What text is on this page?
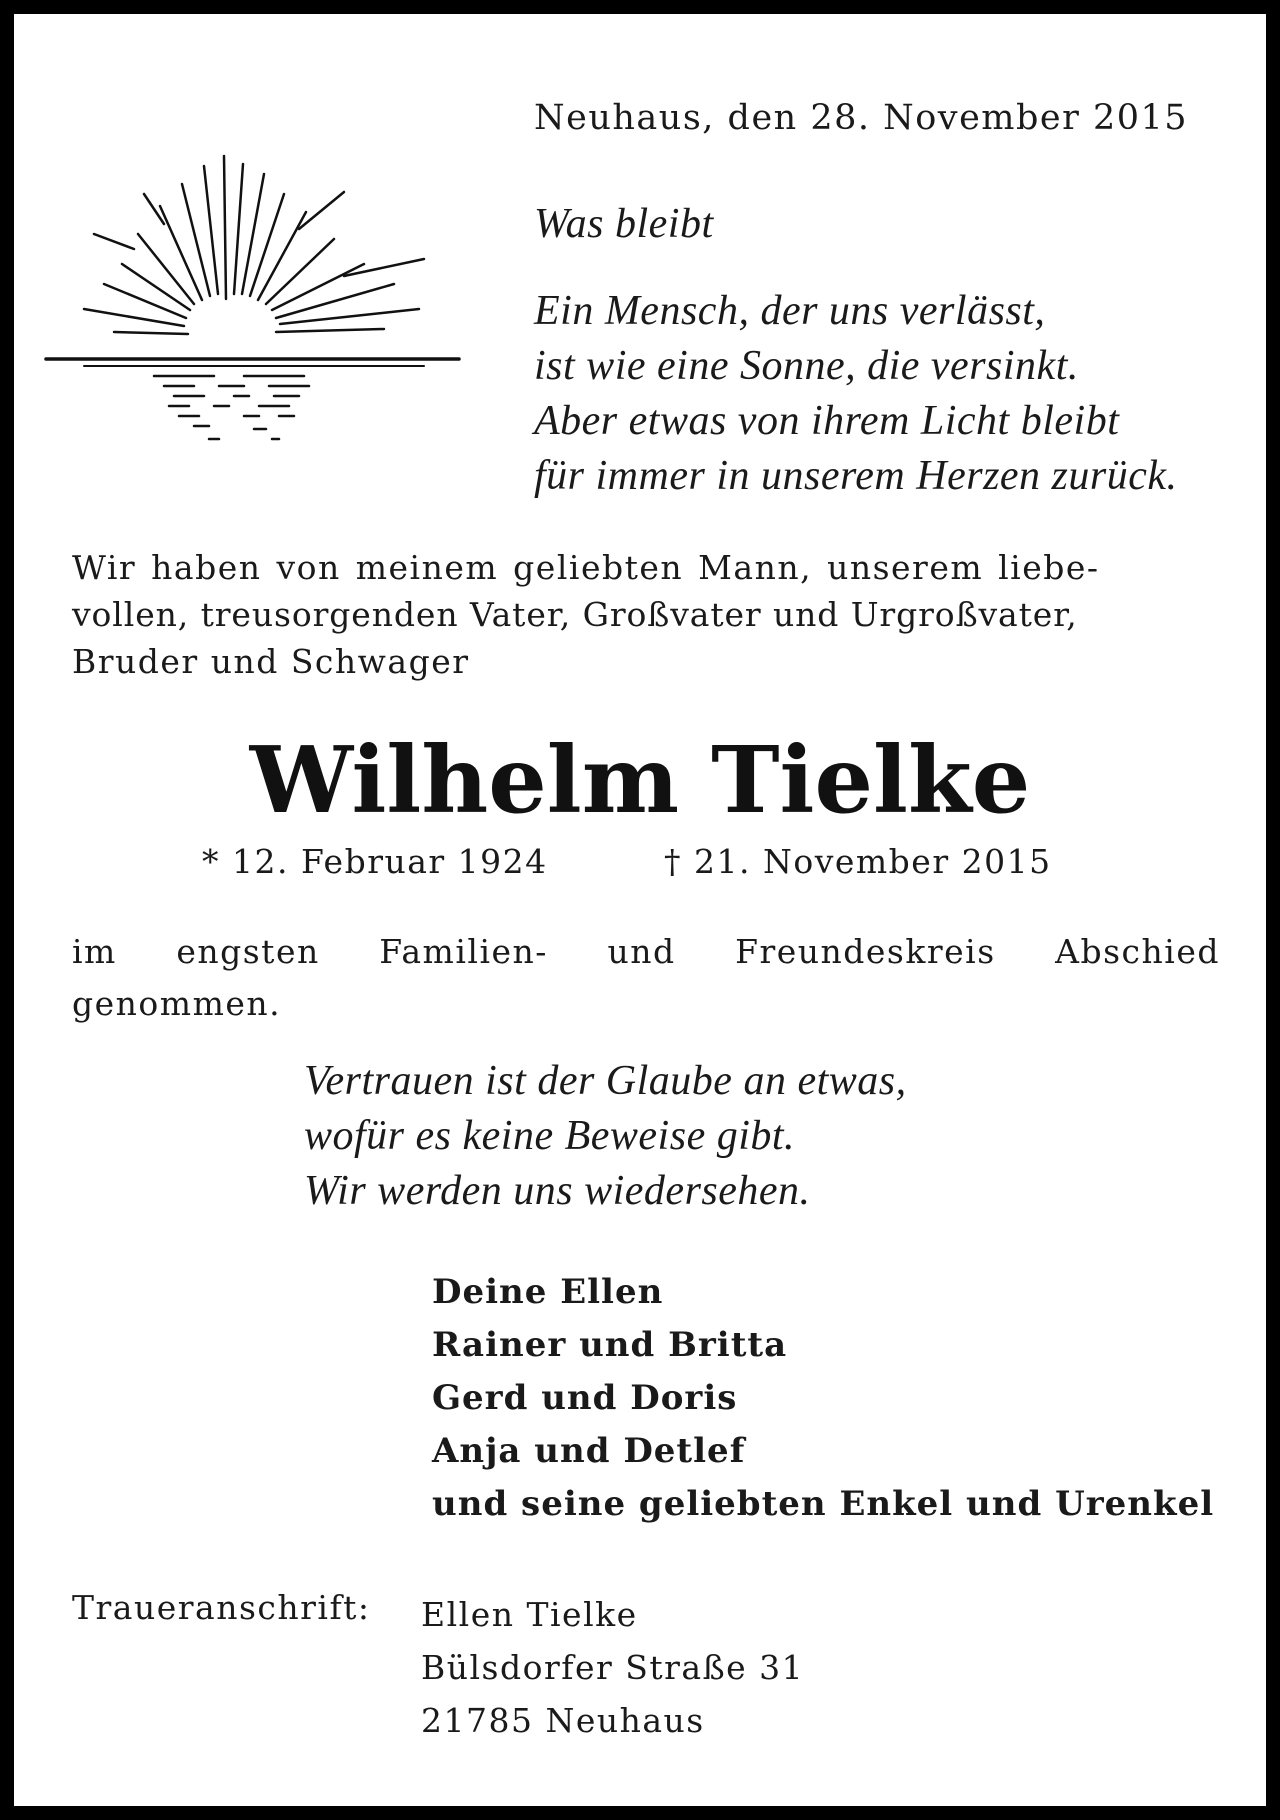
Neuhaus, den 28. November 2015
Was bleibt
Ein Mensch, der uns verlässt,
ist wie eine Sonne, die versinkt.
Aber etwas von ihrem Licht bleibt
für immer in unserem Herzen zurück.
Wir haben von meinem geliebten Mann, unserem liebe-
vollen, treusorgenden Vater, Großvater und Urgroßvater,
Bruder und Schwager
Wilhelm Tielke
* 12. Februar 1924	† 21. November 2015
im engsten Familien- und Freundeskreis Abschied
genommen.
Vertrauen ist der Glaube an etwas,
wofür es keine Beweise gibt.
Wir werden uns wiedersehen.
Deine Ellen
Rainer und Britta
Gerd und Doris
Anja und Detlef
und seine geliebten Enkel und Urenkel
Traueranschrift: Ellen Tielke
Bülsdorfer Straße 31
21785 Neuhaus
